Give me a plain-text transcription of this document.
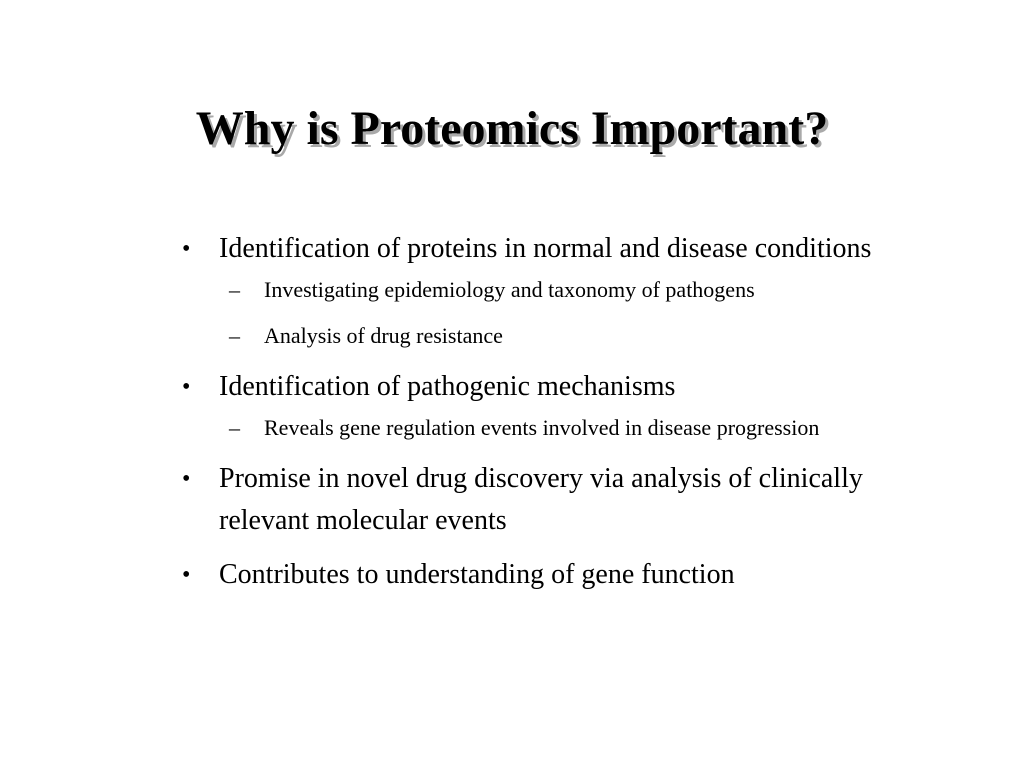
Why is Proteomics Important?
• Identification of proteins in normal and disease conditions
– Investigating epidemiology and taxonomy of pathogens
– Analysis of drug resistance
• Identification of pathogenic mechanisms
– Reveals gene regulation events involved in disease progression
• Promise in novel drug discovery via analysis of clinically relevant molecular events
• Contributes to understanding of gene function
